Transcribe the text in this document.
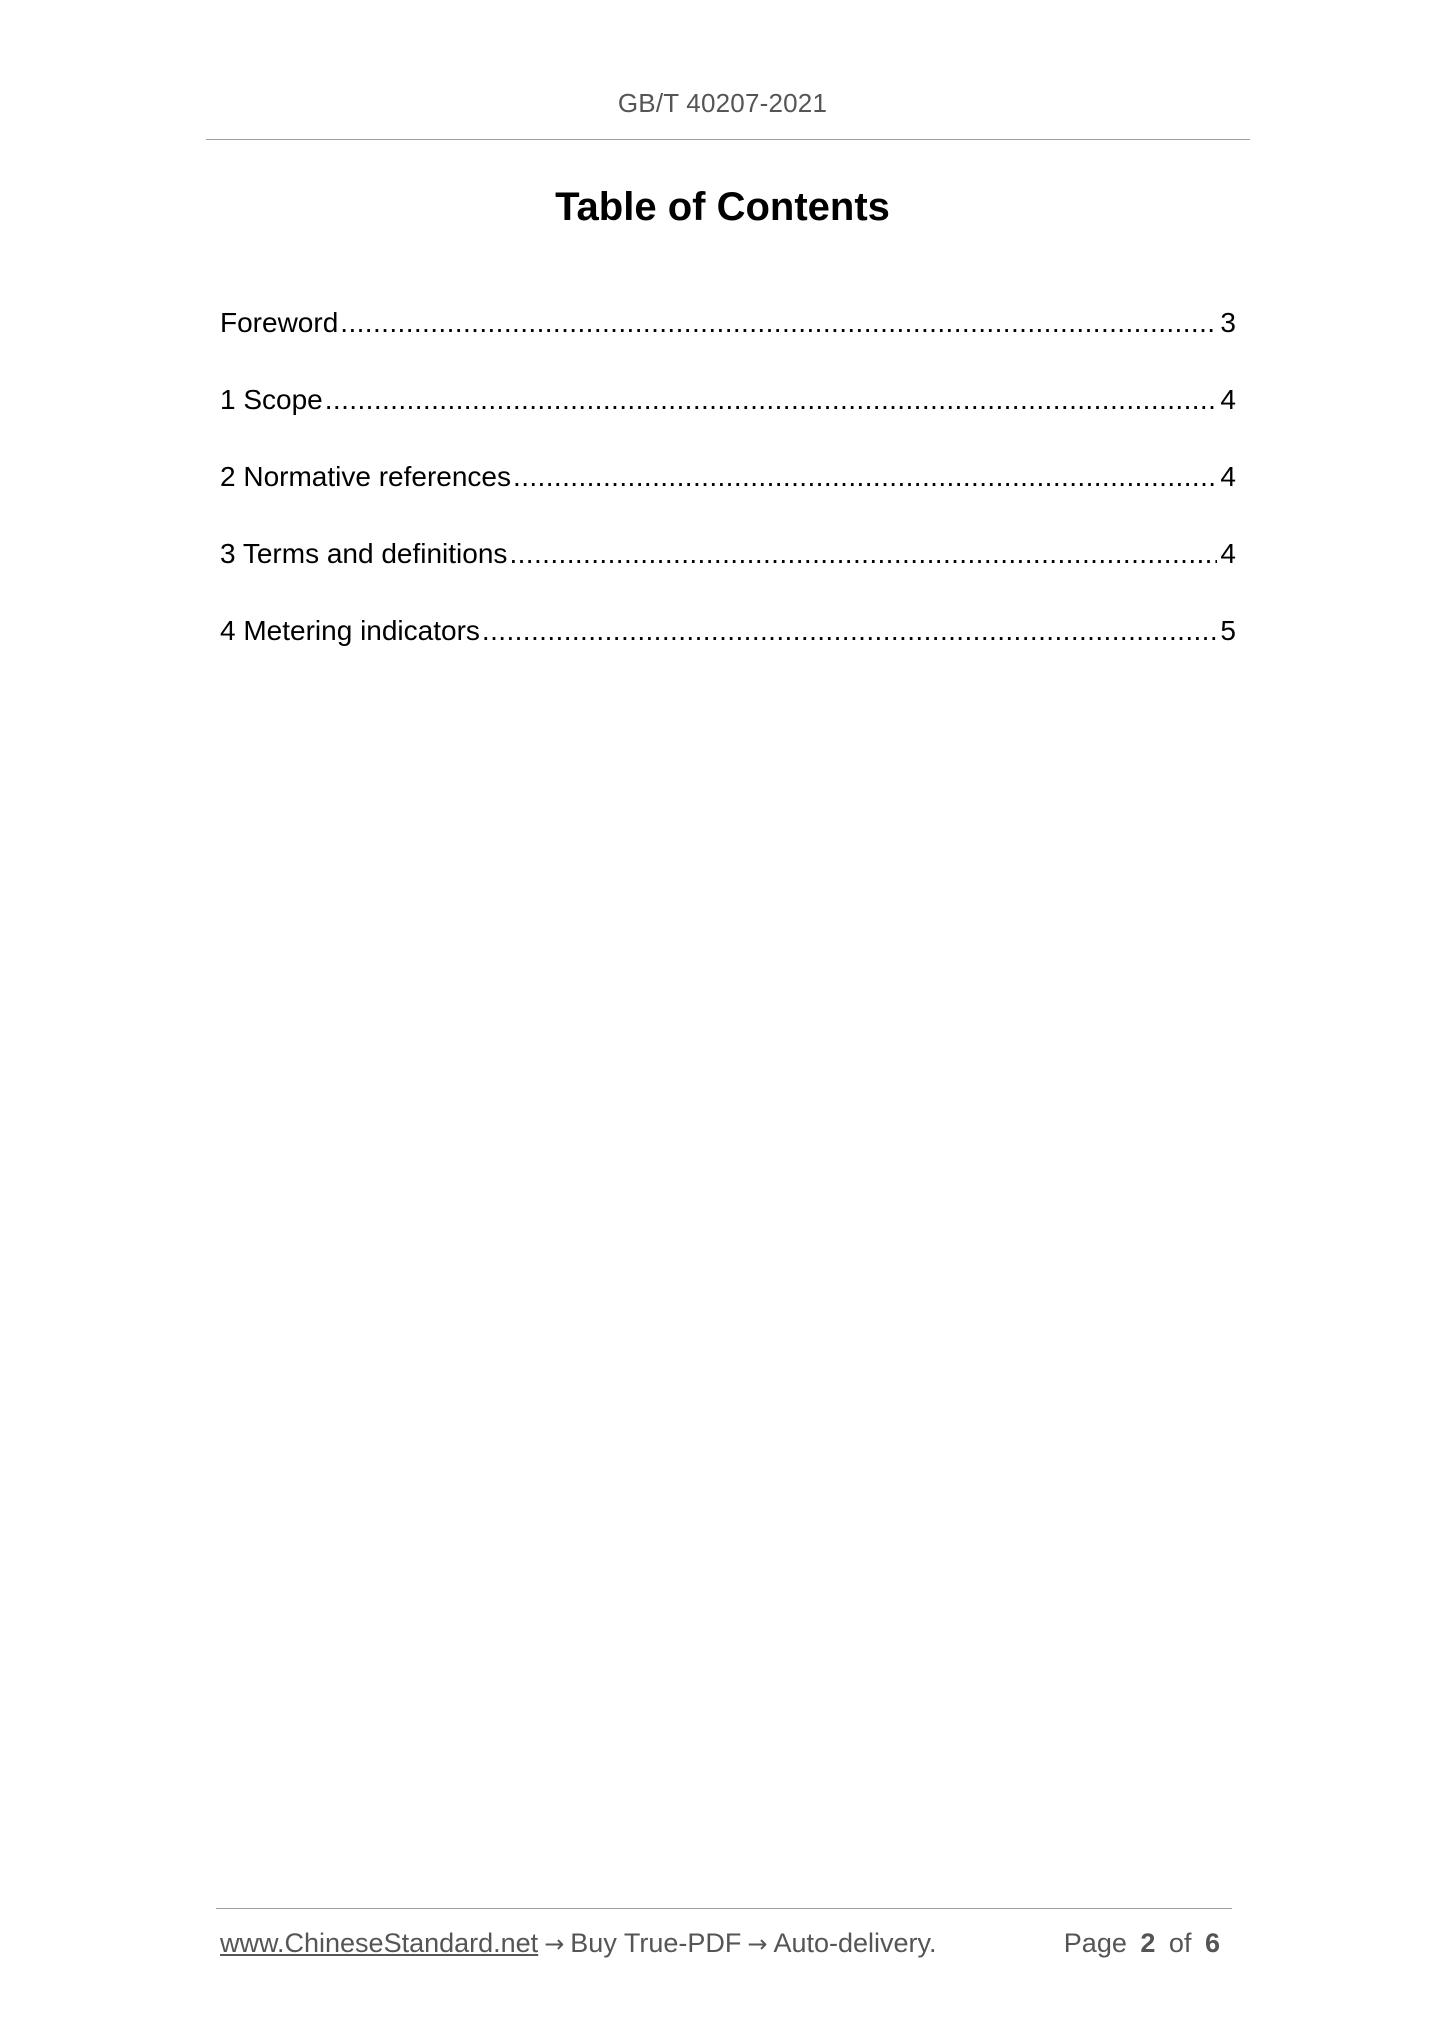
GB/T 40207-2021
Table of Contents
Foreword .....	3
1 Scope .....	4
2 Normative references .....	4
3 Terms and definitions .....	4
4 Metering indicators .....	5
www.ChineseStandard.net → Buy True-PDF → Auto-delivery.	Page 2 of 6
